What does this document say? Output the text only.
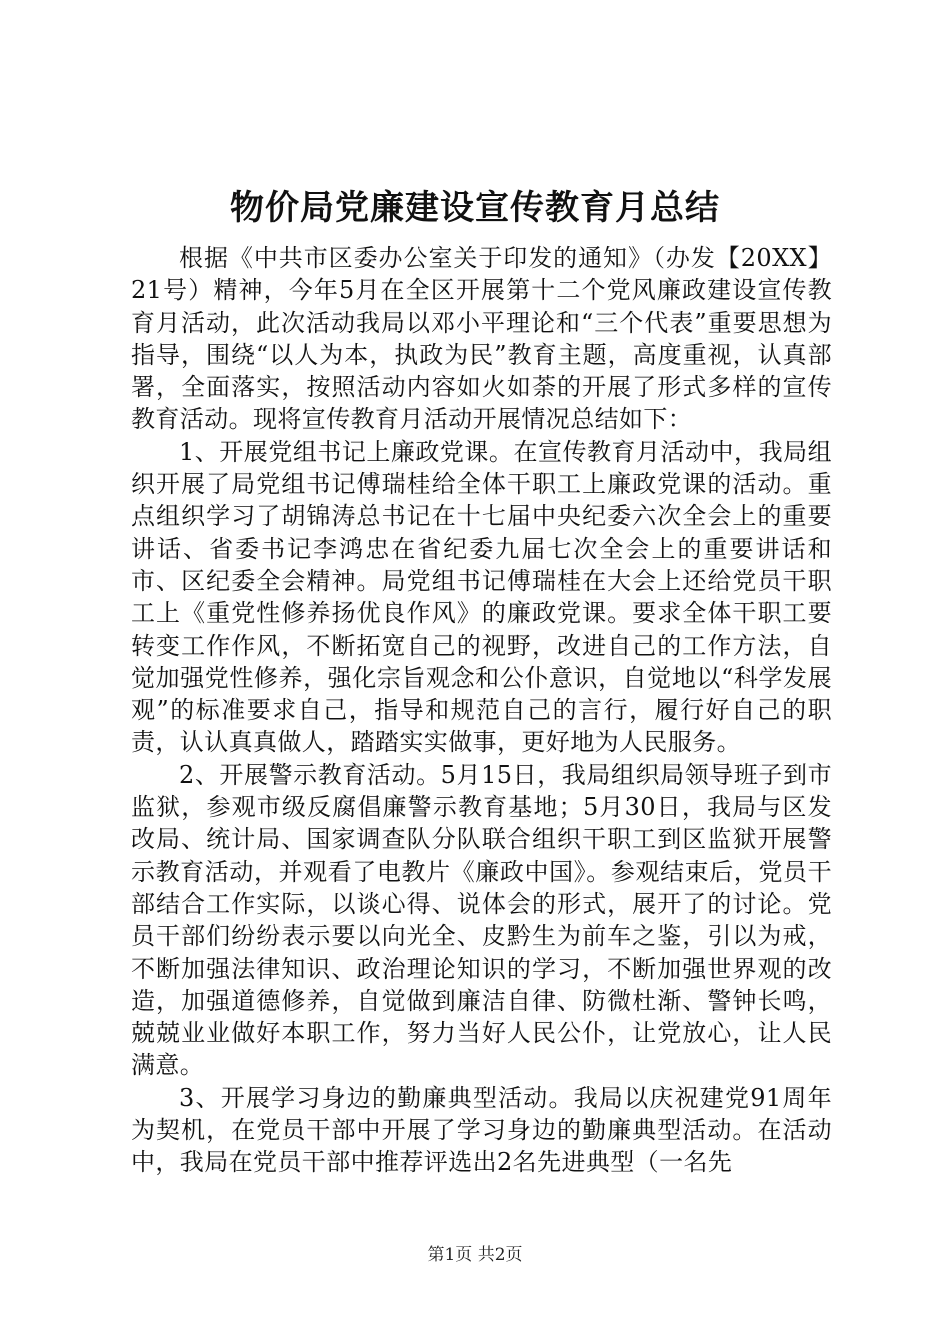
物价局党廉建设宣传教育月总结

根据《中共市区委办公室关于印发的通知》（办发【20XX】21号）精神，今年5月在全区开展第十二个党风廉政建设宣传教育月活动，此次活动我局以邓小平理论和“三个代表”重要思想为指导，围绕“以人为本，执政为民”教育主题，高度重视，认真部署，全面落实，按照活动内容如火如荼的开展了形式多样的宣传教育活动。现将宣传教育月活动开展情况总结如下：

1、开展党组书记上廉政党课。在宣传教育月活动中，我局组织开展了局党组书记傅瑞桂给全体干职工上廉政党课的活动。重点组织学习了胡锦涛总书记在十七届中央纪委六次全会上的重要讲话、省委书记李鸿忠在省纪委九届七次全会上的重要讲话和市、区纪委全会精神。局党组书记傅瑞桂在大会上还给党员干职工上《重党性修养扬优良作风》的廉政党课。要求全体干职工要转变工作作风，不断拓宽自己的视野，改进自己的工作方法，自觉加强党性修养，强化宗旨观念和公仆意识，自觉地以“科学发展观”的标准要求自己，指导和规范自己的言行，履行好自己的职责，认认真真做人，踏踏实实做事，更好地为人民服务。

2、开展警示教育活动。5月15日，我局组织局领导班子到市监狱，参观市级反腐倡廉警示教育基地；5月30日，我局与区发改局、统计局、国家调查队分队联合组织干职工到区监狱开展警示教育活动，并观看了电教片《廉政中国》。参观结束后，党员干部结合工作实际，以谈心得、说体会的形式，展开了的讨论。党员干部们纷纷表示要以向光全、皮黔生为前车之鉴，引以为戒，不断加强法律知识、政治理论知识的学习，不断加强世界观的改造，加强道德修养，自觉做到廉洁自律、防微杜渐、警钟长鸣，兢兢业业做好本职工作，努力当好人民公仆，让党放心，让人民满意。

3、开展学习身边的勤廉典型活动。我局以庆祝建党91周年为契机，在党员干部中开展了学习身边的勤廉典型活动。在活动中，我局在党员干部中推荐评选出2名先进典型（一名先

第1页 共2页
